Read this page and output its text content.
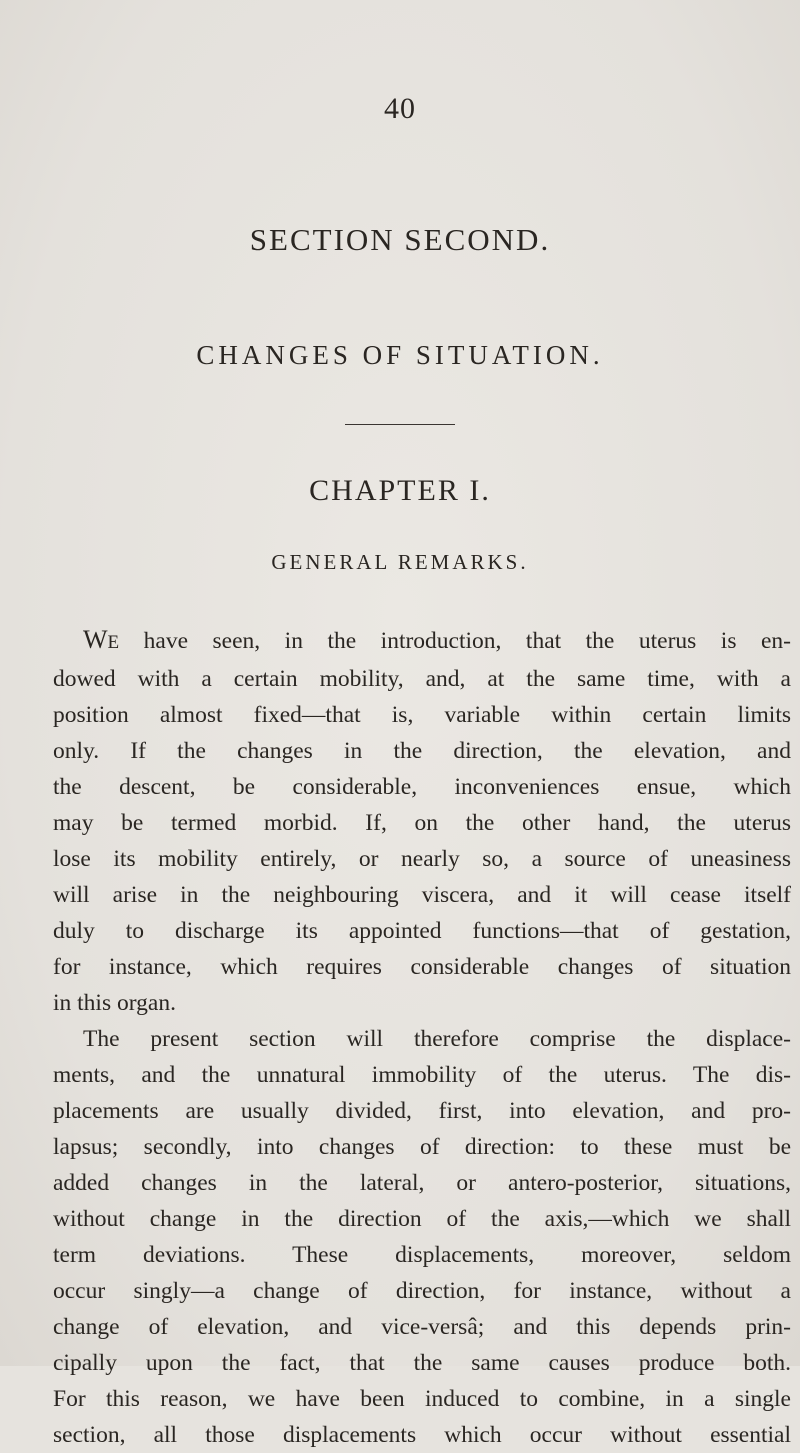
40
SECTION SECOND.
CHANGES OF SITUATION.
CHAPTER I.
GENERAL REMARKS.
WE have seen, in the introduction, that the uterus is en-
dowed with a certain mobility, and, at the same time, with a
position almost fixed—that is, variable within certain limits
only. If the changes in the direction, the elevation, and
the descent, be considerable, inconveniences ensue, which
may be termed morbid. If, on the other hand, the uterus
lose its mobility entirely, or nearly so, a source of uneasiness
will arise in the neighbouring viscera, and it will cease itself
duly to discharge its appointed functions—that of gestation,
for instance, which requires considerable changes of situation
in this organ.
The present section will therefore comprise the displace-
ments, and the unnatural immobility of the uterus. The dis-
placements are usually divided, first, into elevation, and pro-
lapsus; secondly, into changes of direction: to these must be
added changes in the lateral, or antero-posterior, situations,
without change in the direction of the axis,—which we shall
term deviations. These displacements, moreover, seldom
occur singly—a change of direction, for instance, without a
change of elevation, and vice-versâ; and this depends prin-
cipally upon the fact, that the same causes produce both.
For this reason, we have been induced to combine, in a single
section, all those displacements which occur without essential
